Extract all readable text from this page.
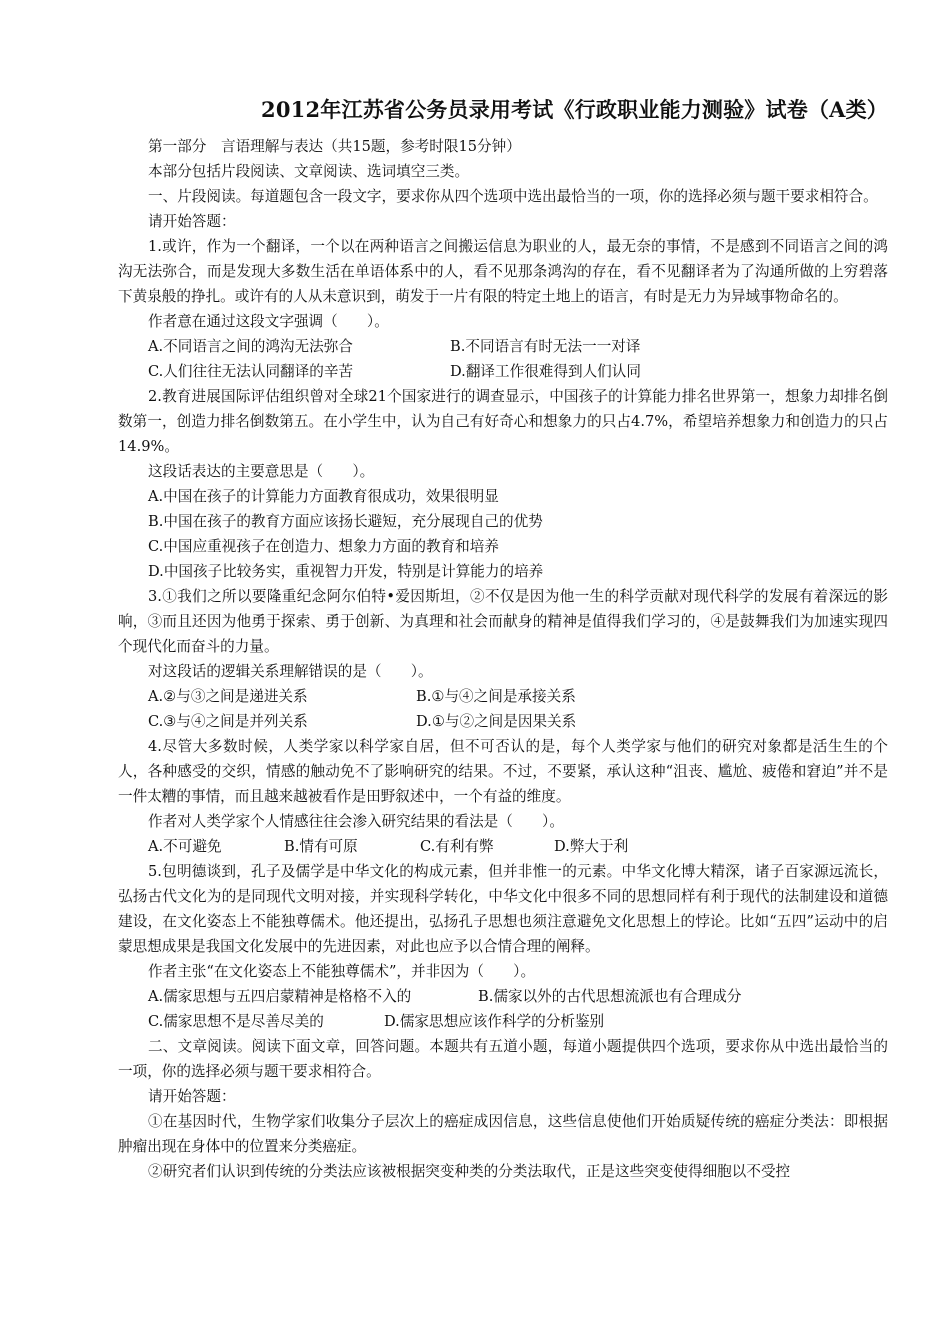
2012年江苏省公务员录用考试《行政职业能力测验》试卷（A类）

第一部分　言语理解与表达（共15题，参考时限15分钟）

本部分包括片段阅读、文章阅读、选词填空三类。

一、片段阅读。每道题包含一段文字，要求你从四个选项中选出最恰当的一项，你的选择必须与题干要求相符合。

请开始答题：

1.或许，作为一个翻译，一个以在两种语言之间搬运信息为职业的人，最无奈的事情，不是感到不同语言之间的鸿沟无法弥合，而是发现大多数生活在单语体系中的人，看不见那条鸿沟的存在，看不见翻译者为了沟通所做的上穷碧落下黄泉般的挣扎。或许有的人从未意识到，萌发于一片有限的特定土地上的语言，有时是无力为异域事物命名的。

作者意在通过这段文字强调（　　）。

A.不同语言之间的鸿沟无法弥合	B.不同语言有时无法一一对译
C.人们往往无法认同翻译的辛苦	D.翻译工作很难得到人们认同

2.教育进展国际评估组织曾对全球21个国家进行的调查显示，中国孩子的计算能力排名世界第一，想象力却排名倒数第一，创造力排名倒数第五。在小学生中，认为自己有好奇心和想象力的只占4.7%，希望培养想象力和创造力的只占14.9%。

这段话表达的主要意思是（　　）。

A.中国在孩子的计算能力方面教育很成功，效果很明显
B.中国在孩子的教育方面应该扬长避短，充分展现自己的优势
C.中国应重视孩子在创造力、想象力方面的教育和培养
D.中国孩子比较务实，重视智力开发，特别是计算能力的培养

3.①我们之所以要隆重纪念阿尔伯特•爱因斯坦，②不仅是因为他一生的科学贡献对现代科学的发展有着深远的影响，③而且还因为他勇于探索、勇于创新、为真理和社会而献身的精神是值得我们学习的，④是鼓舞我们为加速实现四个现代化而奋斗的力量。

对这段话的逻辑关系理解错误的是（　　）。

A.②与③之间是递进关系	B.①与④之间是承接关系
C.③与④之间是并列关系	D.①与②之间是因果关系

4.尽管大多数时候，人类学家以科学家自居，但不可否认的是，每个人类学家与他们的研究对象都是活生生的个人，各种感受的交织，情感的触动免不了影响研究的结果。不过，不要紧，承认这种“沮丧、尴尬、疲倦和窘迫”并不是一件太糟的事情，而且越来越被看作是田野叙述中，一个有益的维度。

作者对人类学家个人情感往往会渗入研究结果的看法是（　　）。

A.不可避免	B.情有可原	C.有利有弊	D.弊大于利

5.包明德谈到，孔子及儒学是中华文化的构成元素，但并非惟一的元素。中华文化博大精深，诸子百家源远流长，弘扬古代文化为的是同现代文明对接，并实现科学转化，中华文化中很多不同的思想同样有利于现代的法制建设和道德建设，在文化姿态上不能独尊儒术。他还提出，弘扬孔子思想也须注意避免文化思想上的悖论。比如“五四”运动中的启蒙思想成果是我国文化发展中的先进因素，对此也应予以合情合理的阐释。

作者主张“在文化姿态上不能独尊儒术”，并非因为（　　）。

A.儒家思想与五四启蒙精神是格格不入的	B.儒家以外的古代思想流派也有合理成分
C.儒家思想不是尽善尽美的	D.儒家思想应该作科学的分析鉴别

二、文章阅读。阅读下面文章，回答问题。本题共有五道小题，每道小题提供四个选项，要求你从中选出最恰当的一项，你的选择必须与题干要求相符合。

请开始答题：

①在基因时代，生物学家们收集分子层次上的癌症成因信息，这些信息使他们开始质疑传统的癌症分类法：即根据肿瘤出现在身体中的位置来分类癌症。

②研究者们认识到传统的分类法应该被根据突变种类的分类法取代，正是这些突变使得细胞以不受控
